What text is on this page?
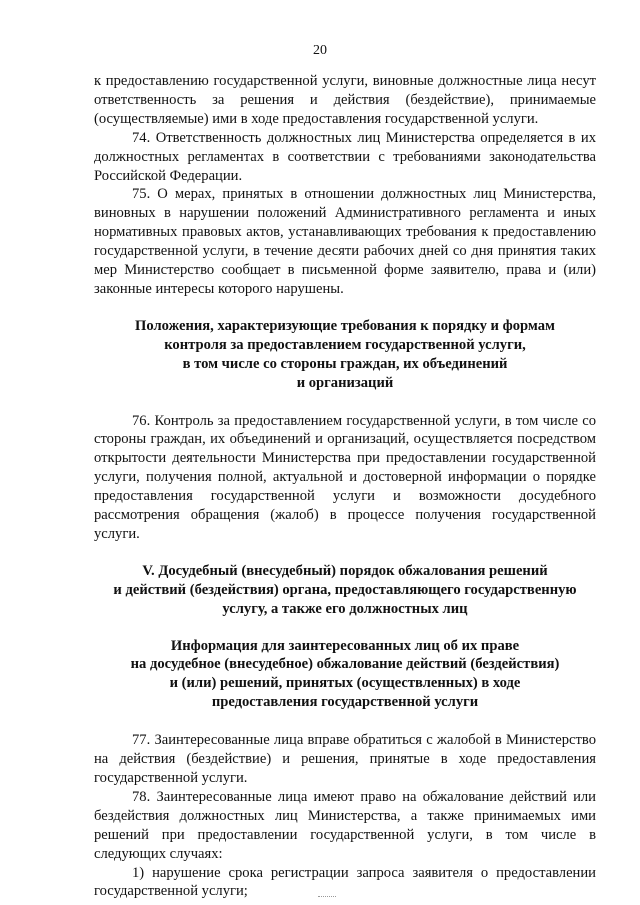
20

к предоставлению государственной услуги, виновные должностные лица несут ответственность за решения и действия (бездействие), принимаемые (осуществляемые) ими в ходе предоставления государственной услуги.

74. Ответственность должностных лиц Министерства определяется в их должностных регламентах в соответствии с требованиями законодательства Российской Федерации.

75. О мерах, принятых в отношении должностных лиц Министерства, виновных в нарушении положений Административного регламента и иных нормативных правовых актов, устанавливающих требования к предоставлению государственной услуги, в течение десяти рабочих дней со дня принятия таких мер Министерство сообщает в письменной форме заявителю, права и (или) законные интересы которого нарушены.

Положения, характеризующие требования к порядку и формам
контроля за предоставлением государственной услуги,
в том числе со стороны граждан, их объединений
и организаций

76. Контроль за предоставлением государственной услуги, в том числе со стороны граждан, их объединений и организаций, осуществляется посредством открытости деятельности Министерства при предоставлении государственной услуги, получения полной, актуальной и достоверной информации о порядке предоставления государственной услуги и возможности досудебного рассмотрения обращения (жалоб) в процессе получения государственной услуги.

V. Досудебный (внесудебный) порядок обжалования решений
и действий (бездействия) органа, предоставляющего государственную
услугу, а также его должностных лиц
Информация для заинтересованных лиц об их праве
на досудебное (внесудебное) обжалование действий (бездействия)
и (или) решений, принятых (осуществленных) в ходе
предоставления государственной услуги

77. Заинтересованные лица вправе обратиться с жалобой в Министерство на действия (бездействие) и решения, принятые в ходе предоставления государственной услуги.

78. Заинтересованные лица имеют право на обжалование действий или бездействия должностных лиц Министерства, а также принимаемых ими решений при предоставлении государственной услуги, в том числе в следующих случаях:

1) нарушение срока регистрации запроса заявителя о предоставлении государственной услуги;
